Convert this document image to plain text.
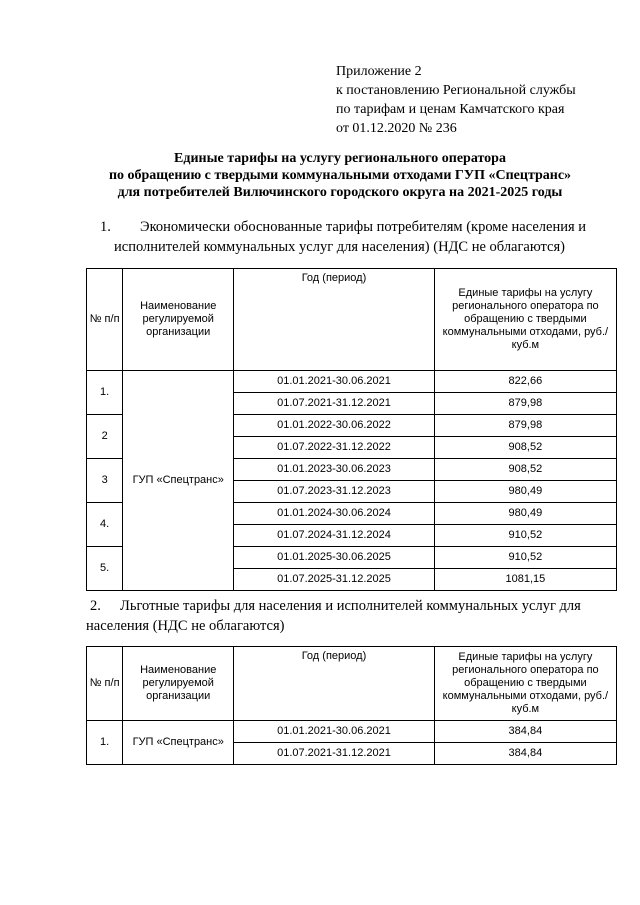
Приложение 2
к постановлению Региональной службы
по тарифам и ценам Камчатского края
от 01.12.2020 № 236
Единые тарифы на услугу регионального оператора
по обращению с твердыми коммунальными отходами ГУП «Спецтранс»
для потребителей Вилючинского городского округа на 2021-2025 годы
1. Экономически обоснованные тарифы потребителям (кроме населения и
исполнителей коммунальных услуг для населения) (НДС не облагаются)
№ п/п	Наименование регулируемой организации	Год (период)	Единые тарифы на услугу регионального оператора по обращению с твердыми коммунальными отходами, руб./куб.м
1.	ГУП «Спецтранс»	01.01.2021-30.06.2021	822,66
		01.07.2021-31.12.2021	879,98
2		01.01.2022-30.06.2022	879,98
		01.07.2022-31.12.2022	908,52
3		01.01.2023-30.06.2023	908,52
		01.07.2023-31.12.2023	980,49
4.		01.01.2024-30.06.2024	980,49
		01.07.2024-31.12.2024	910,52
5.		01.01.2025-30.06.2025	910,52
		01.07.2025-31.12.2025	1081,15
2. Льготные тарифы для населения и исполнителей коммунальных услуг для
населения (НДС не облагаются)
№ п/п	Наименование регулируемой организации	Год (период)	Единые тарифы на услугу регионального оператора по обращению с твердыми коммунальными отходами, руб./куб.м
1.	ГУП «Спецтранс»	01.01.2021-30.06.2021	384,84
		01.07.2021-31.12.2021	384,84
